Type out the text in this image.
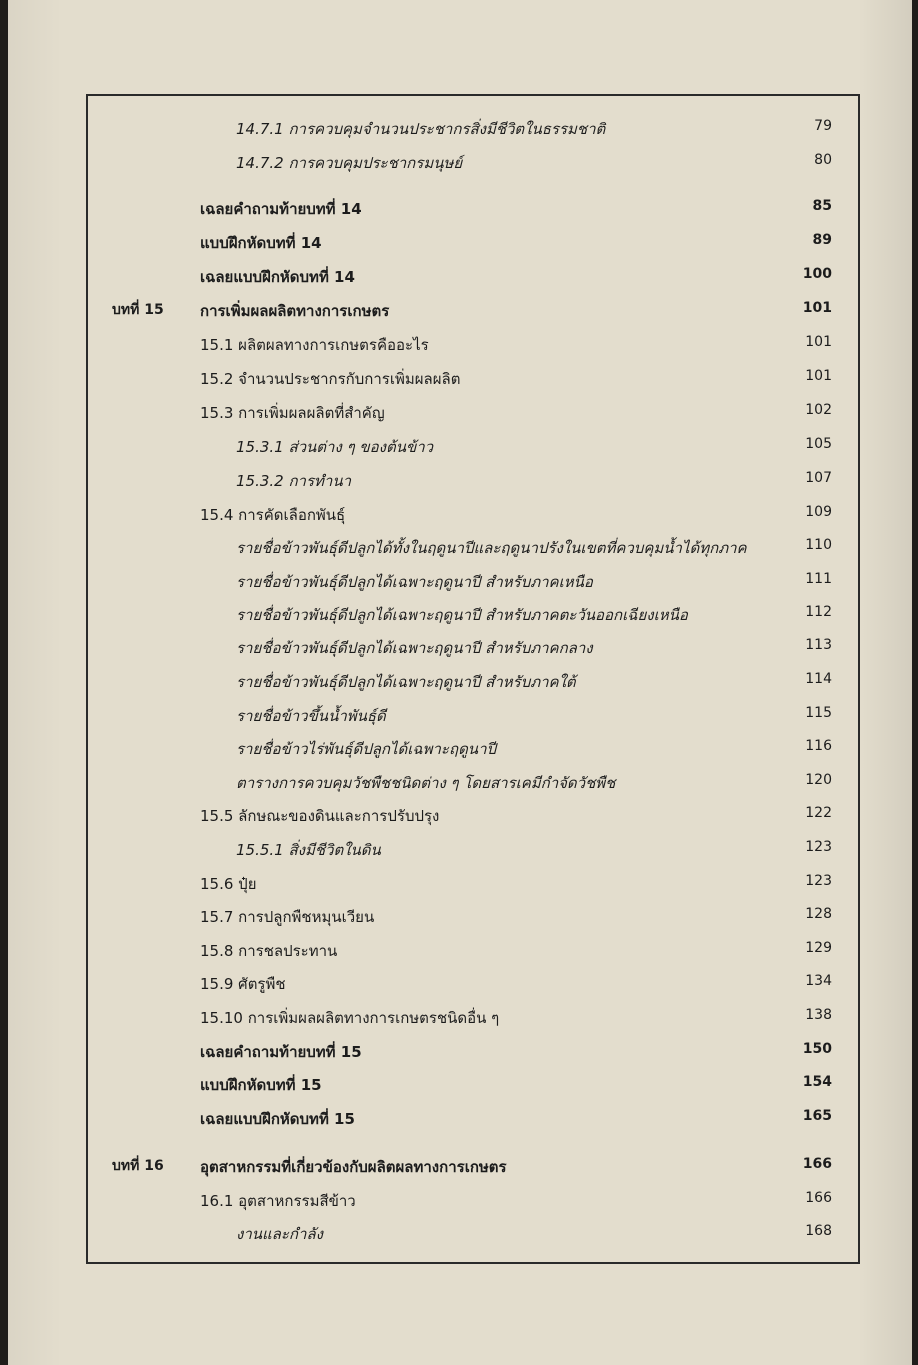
14.7.1 การควบคุมจำนวนประชากรสิ่งมีชีวิตในธรรมชาติ	79
14.7.2 การควบคุมประชากรมนุษย์	80
เฉลยคำถามท้ายบทที่ 14	85
แบบฝึกหัดบทที่ 14	89
เฉลยแบบฝึกหัดบทที่ 14	100
บทที่ 15 การเพิ่มผลผลิตทางการเกษตร	101
15.1 ผลิตผลทางการเกษตรคืออะไร	101
15.2 จำนวนประชากรกับการเพิ่มผลผลิต	101
15.3 การเพิ่มผลผลิตที่สำคัญ	102
15.3.1 ส่วนต่าง ๆ ของต้นข้าว	105
15.3.2 การทำนา	107
15.4 การคัดเลือกพันธุ์	109
รายชื่อข้าวพันธุ์ดีปลูกได้ทั้งในฤดูนาปีและฤดูนาปรังในเขตที่ควบคุมน้ำได้ทุกภาค	110
รายชื่อข้าวพันธุ์ดีปลูกได้เฉพาะฤดูนาปี สำหรับภาคเหนือ	111
รายชื่อข้าวพันธุ์ดีปลูกได้เฉพาะฤดูนาปี สำหรับภาคตะวันออกเฉียงเหนือ	112
รายชื่อข้าวพันธุ์ดีปลูกได้เฉพาะฤดูนาปี สำหรับภาคกลาง	113
รายชื่อข้าวพันธุ์ดีปลูกได้เฉพาะฤดูนาปี สำหรับภาคใต้	114
รายชื่อข้าวขึ้นน้ำพันธุ์ดี	115
รายชื่อข้าวไร่พันธุ์ดีปลูกได้เฉพาะฤดูนาปี	116
ตารางการควบคุมวัชพืชชนิดต่าง ๆ โดยสารเคมีกำจัดวัชพืช	120
15.5 ลักษณะของดินและการปรับปรุง	122
15.5.1 สิ่งมีชีวิตในดิน	123
15.6 ปุ๋ย	123
15.7 การปลูกพืชหมุนเวียน	128
15.8 การชลประทาน	129
15.9 ศัตรูพืช	134
15.10 การเพิ่มผลผลิตทางการเกษตรชนิดอื่น ๆ	138
เฉลยคำถามท้ายบทที่ 15	150
แบบฝึกหัดบทที่ 15	154
เฉลยแบบฝึกหัดบทที่ 15	165
บทที่ 16 อุตสาหกรรมที่เกี่ยวข้องกับผลิตผลทางการเกษตร	166
16.1 อุตสาหกรรมสีข้าว	166
งานและกำลัง	168
